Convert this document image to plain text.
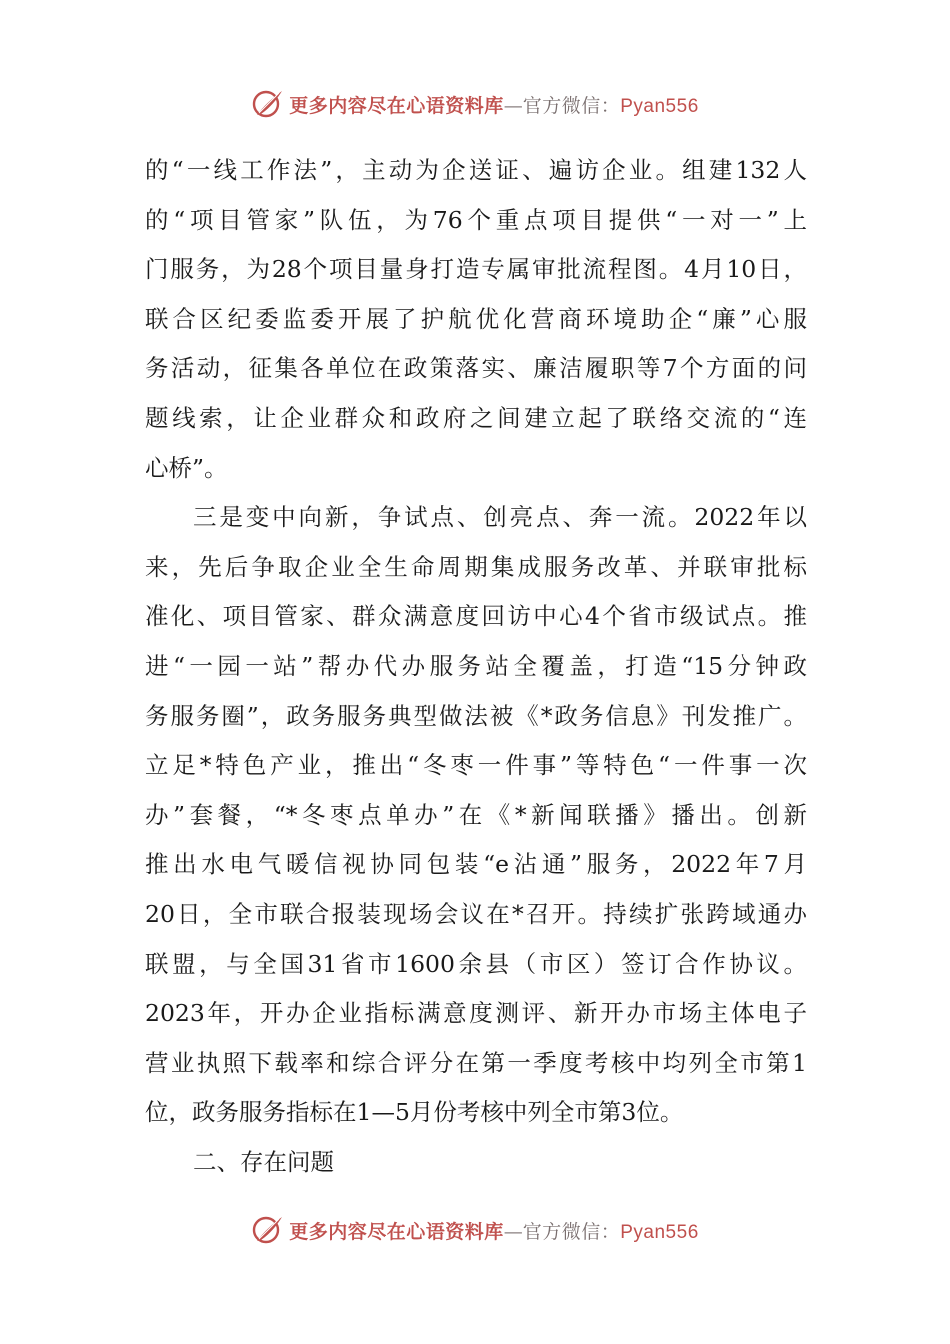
更多内容尽在心语资料库—官方微信：Pyan556
的“一线工作法”，主动为企送证、遍访企业。组建132人
的“项目管家”队伍，为76个重点项目提供“一对一”上
门服务，为28个项目量身打造专属审批流程图。4月10日，
联合区纪委监委开展了护航优化营商环境助企“廉”心服
务活动，征集各单位在政策落实、廉洁履职等7个方面的问
题线索，让企业群众和政府之间建立起了联络交流的“连
心桥”。
三是变中向新，争试点、创亮点、奔一流。2022年以
来，先后争取企业全生命周期集成服务改革、并联审批标
准化、项目管家、群众满意度回访中心4个省市级试点。推
进“一园一站”帮办代办服务站全覆盖，打造“15分钟政
务服务圈”，政务服务典型做法被《*政务信息》刊发推广。
立足*特色产业，推出“冬枣一件事”等特色“一件事一次
办”套餐，“*冬枣点单办”在《*新闻联播》播出。创新
推出水电气暖信视协同包装“e沾通”服务，2022年7月
20日，全市联合报装现场会议在*召开。持续扩张跨域通办
联盟，与全国31省市1600余县（市区）签订合作协议。
2023年，开办企业指标满意度测评、新开办市场主体电子
营业执照下载率和综合评分在第一季度考核中均列全市第1
位，政务服务指标在1—5月份考核中列全市第3位。
二、存在问题
更多内容尽在心语资料库—官方微信：Pyan556
